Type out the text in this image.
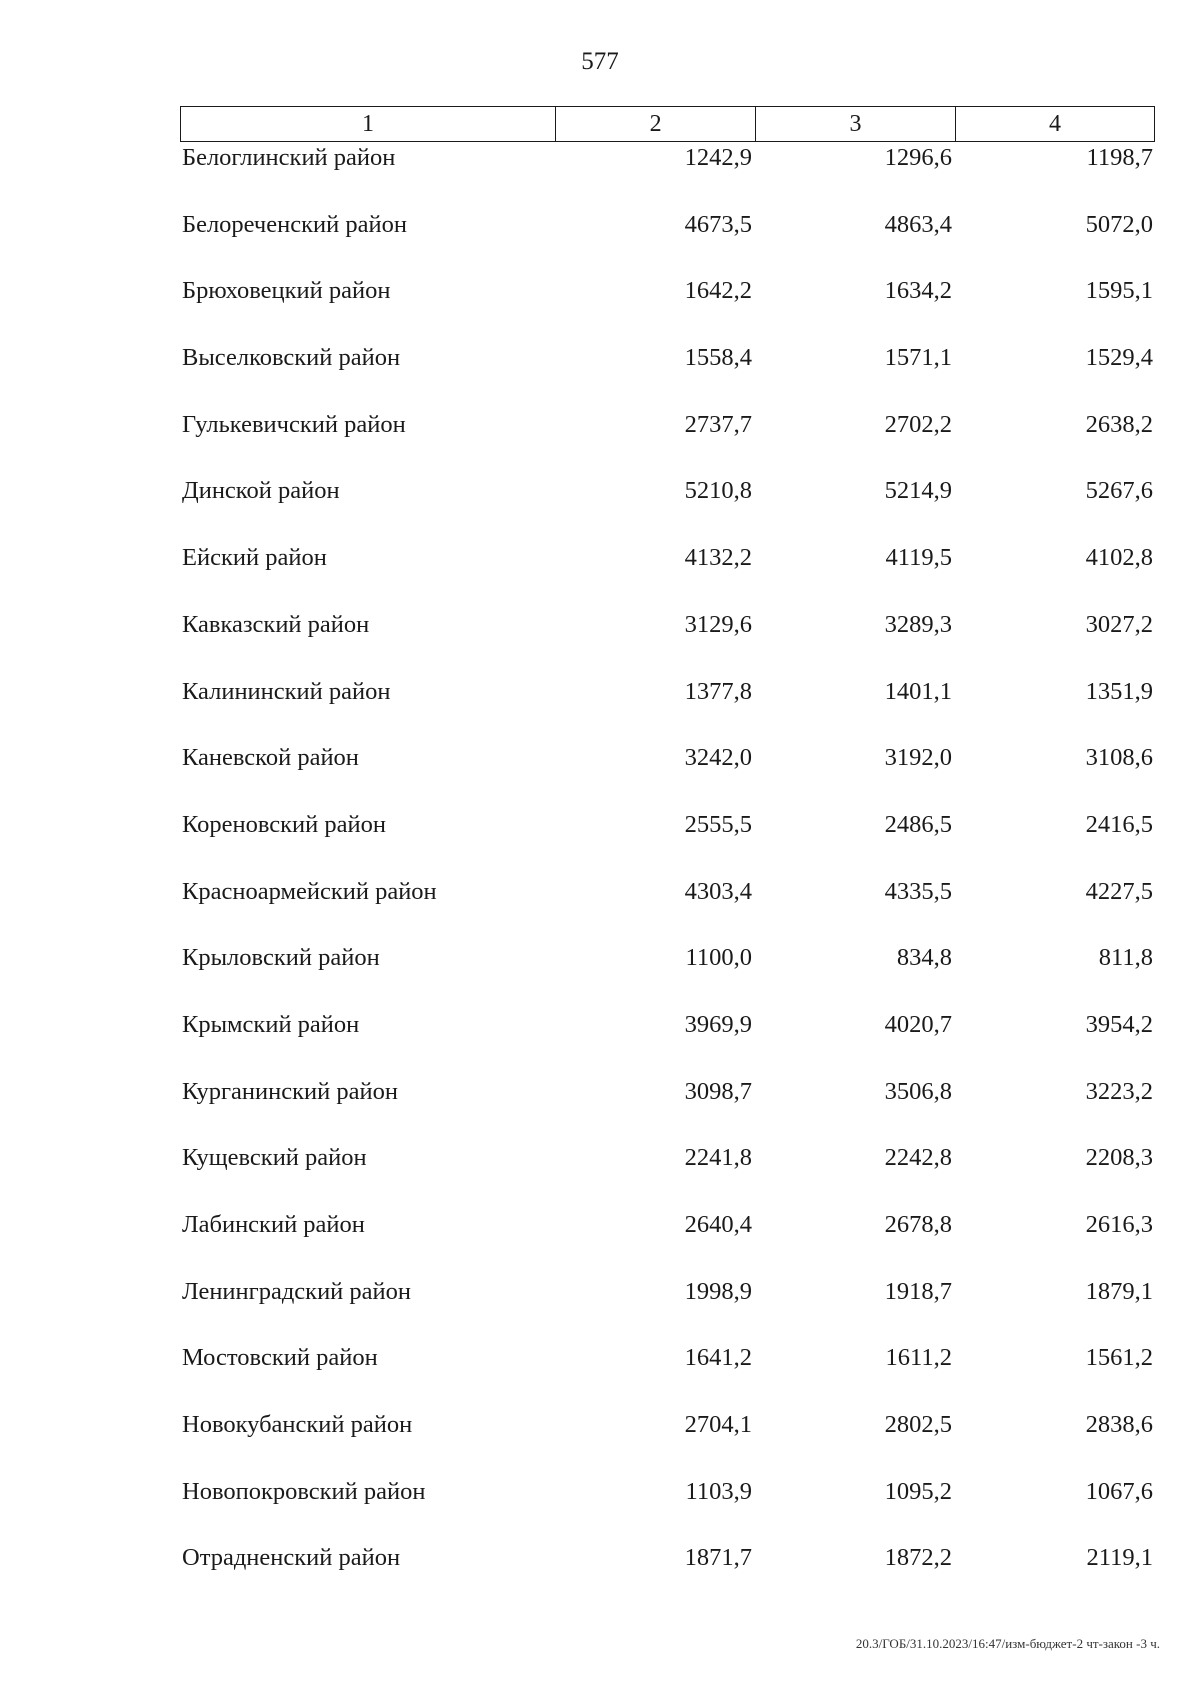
577
1	2	3	4
Белоглинский район	1242,9	1296,6	1198,7
Белореченский район	4673,5	4863,4	5072,0
Брюховецкий район	1642,2	1634,2	1595,1
Выселковский район	1558,4	1571,1	1529,4
Гулькевичский район	2737,7	2702,2	2638,2
Динской район	5210,8	5214,9	5267,6
Ейский район	4132,2	4119,5	4102,8
Кавказский район	3129,6	3289,3	3027,2
Калининский район	1377,8	1401,1	1351,9
Каневской район	3242,0	3192,0	3108,6
Кореновский район	2555,5	2486,5	2416,5
Красноармейский район	4303,4	4335,5	4227,5
Крыловский район	1100,0	834,8	811,8
Крымский район	3969,9	4020,7	3954,2
Курганинский район	3098,7	3506,8	3223,2
Кущевский район	2241,8	2242,8	2208,3
Лабинский район	2640,4	2678,8	2616,3
Ленинградский район	1998,9	1918,7	1879,1
Мостовский район	1641,2	1611,2	1561,2
Новокубанский район	2704,1	2802,5	2838,6
Новопокровский район	1103,9	1095,2	1067,6
Отрадненский район	1871,7	1872,2	2119,1
20.3/ГОБ/31.10.2023/16:47/изм-бюджет-2 чт-закон -3 ч.
